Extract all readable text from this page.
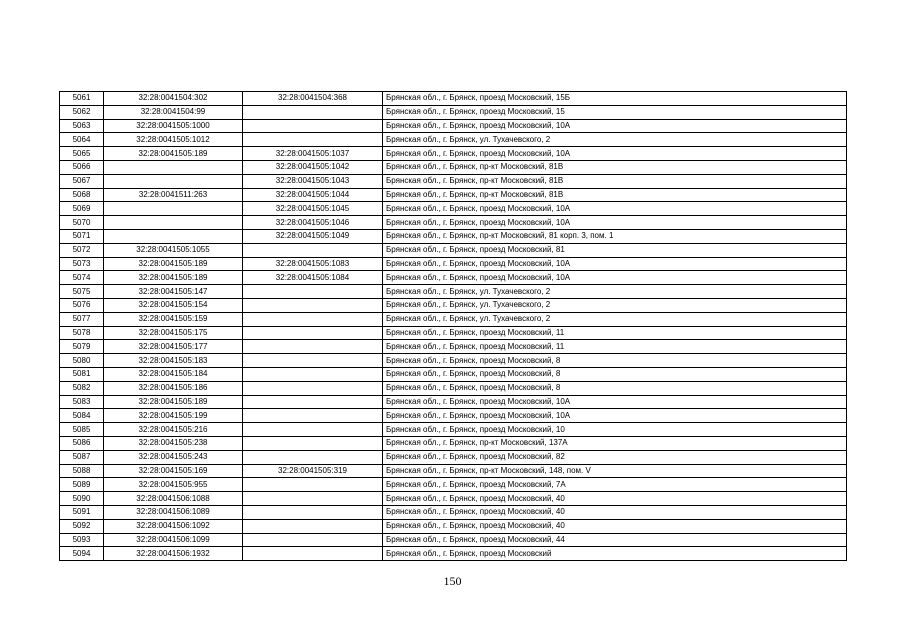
5061	32:28:0041504:302	32:28:0041504:368	Брянская обл., г. Брянск, проезд Московский, 15Б
5062	32:28:0041504:99		Брянская обл., г. Брянск, проезд Московский, 15
5063	32:28:0041505:1000		Брянская обл., г. Брянск, проезд Московский, 10А
5064	32:28:0041505:1012		Брянская обл., г. Брянск, ул. Тухачевского, 2
5065	32:28:0041505:189	32:28:0041505:1037	Брянская обл., г. Брянск, проезд Московский, 10А
5066		32:28:0041505:1042	Брянская обл., г. Брянск, пр-кт Московский, 81В
5067		32:28:0041505:1043	Брянская обл., г. Брянск, пр-кт Московский, 81В
5068	32:28:0041511:263	32:28:0041505:1044	Брянская обл., г. Брянск, пр-кт Московский, 81В
5069		32:28:0041505:1045	Брянская обл., г. Брянск, проезд Московский, 10А
5070		32:28:0041505:1046	Брянская обл., г. Брянск, проезд Московский, 10А
5071		32:28:0041505:1049	Брянская обл., г. Брянск, пр-кт Московский, 81 корп. 3, пом. 1
5072	32:28:0041505:1055		Брянская обл., г. Брянск, проезд Московский, 81
5073	32:28:0041505:189	32:28:0041505:1083	Брянская обл., г. Брянск, проезд Московский, 10А
5074	32:28:0041505:189	32:28:0041505:1084	Брянская обл., г. Брянск, проезд Московский, 10А
5075	32:28:0041505:147		Брянская обл., г. Брянск, ул. Тухачевского, 2
5076	32:28:0041505:154		Брянская обл., г. Брянск, ул. Тухачевского, 2
5077	32:28:0041505:159		Брянская обл., г. Брянск, ул. Тухачевского, 2
5078	32:28:0041505:175		Брянская обл., г. Брянск, проезд Московский, 11
5079	32:28:0041505:177		Брянская обл., г. Брянск, проезд Московский, 11
5080	32:28:0041505:183		Брянская обл., г. Брянск, проезд Московский, 8
5081	32:28:0041505:184		Брянская обл., г. Брянск, проезд Московский, 8
5082	32:28:0041505:186		Брянская обл., г. Брянск, проезд Московский, 8
5083	32:28:0041505:189		Брянская обл., г. Брянск, проезд Московский, 10А
5084	32:28:0041505:199		Брянская обл., г. Брянск, проезд Московский, 10А
5085	32:28:0041505:216		Брянская обл., г. Брянск, проезд Московский, 10
5086	32:28:0041505:238		Брянская обл., г. Брянск, пр-кт Московский, 137А
5087	32:28:0041505:243		Брянская обл., г. Брянск, проезд Московский, 82
5088	32:28:0041505:169	32:28:0041505:319	Брянская обл., г. Брянск, пр-кт Московский, 148, пом. V
5089	32:28:0041505:955		Брянская обл., г. Брянск, проезд Московский, 7А
5090	32:28:0041506:1088		Брянская обл., г. Брянск, проезд Московский, 40
5091	32:28:0041506:1089		Брянская обл., г. Брянск, проезд Московский, 40
5092	32:28:0041506:1092		Брянская обл., г. Брянск, проезд Московский, 40
5093	32:28:0041506:1099		Брянская обл., г. Брянск, проезд Московский, 44
5094	32:28:0041506:1932		Брянская обл., г. Брянск, проезд Московский
150
